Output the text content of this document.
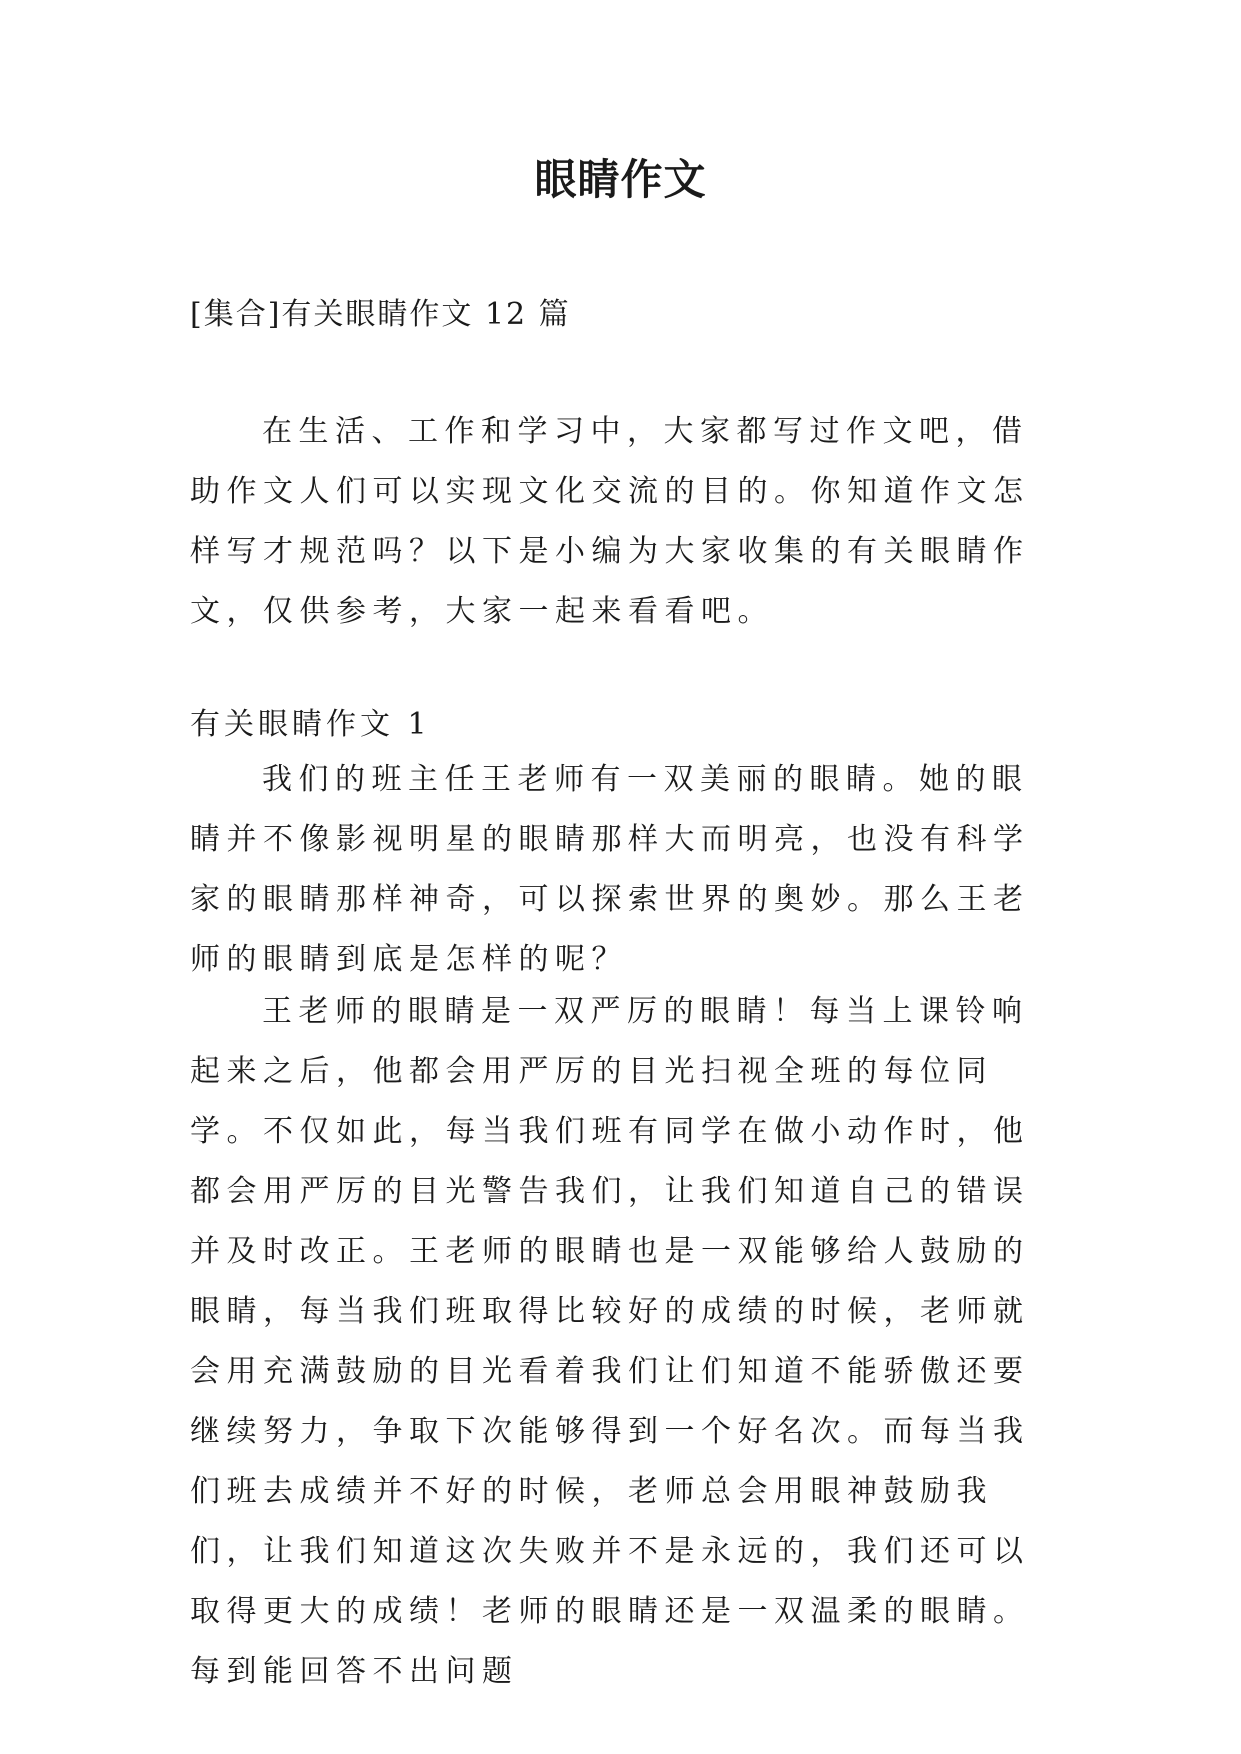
眼睛作文

[集合]有关眼睛作文 12 篇

在生活、工作和学习中，大家都写过作文吧，借助作文人们可以实现文化交流的目的。你知道作文怎样写才规范吗？以下是小编为大家收集的有关眼睛作文，仅供参考，大家一起来看看吧。

有关眼睛作文 1

我们的班主任王老师有一双美丽的眼睛。她的眼睛并不像影视明星的眼睛那样大而明亮，也没有科学家的眼睛那样神奇，可以探索世界的奥妙。那么王老师的眼睛到底是怎样的呢？

王老师的眼睛是一双严厉的眼睛！每当上课铃响起来之后，他都会用严厉的目光扫视全班的每位同学。不仅如此，每当我们班有同学在做小动作时，他都会用严厉的目光警告我们，让我们知道自己的错误并及时改正。王老师的眼睛也是一双能够给人鼓励的眼睛，每当我们班取得比较好的成绩的时候，老师就会用充满鼓励的目光看着我们让们知道不能骄傲还要继续努力，争取下次能够得到一个好名次。而每当我们班去成绩并不好的时候，老师总会用眼神鼓励我们，让我们知道这次失败并不是永远的，我们还可以取得更大的成绩！老师的眼睛还是一双温柔的眼睛。每到能回答不出问题
